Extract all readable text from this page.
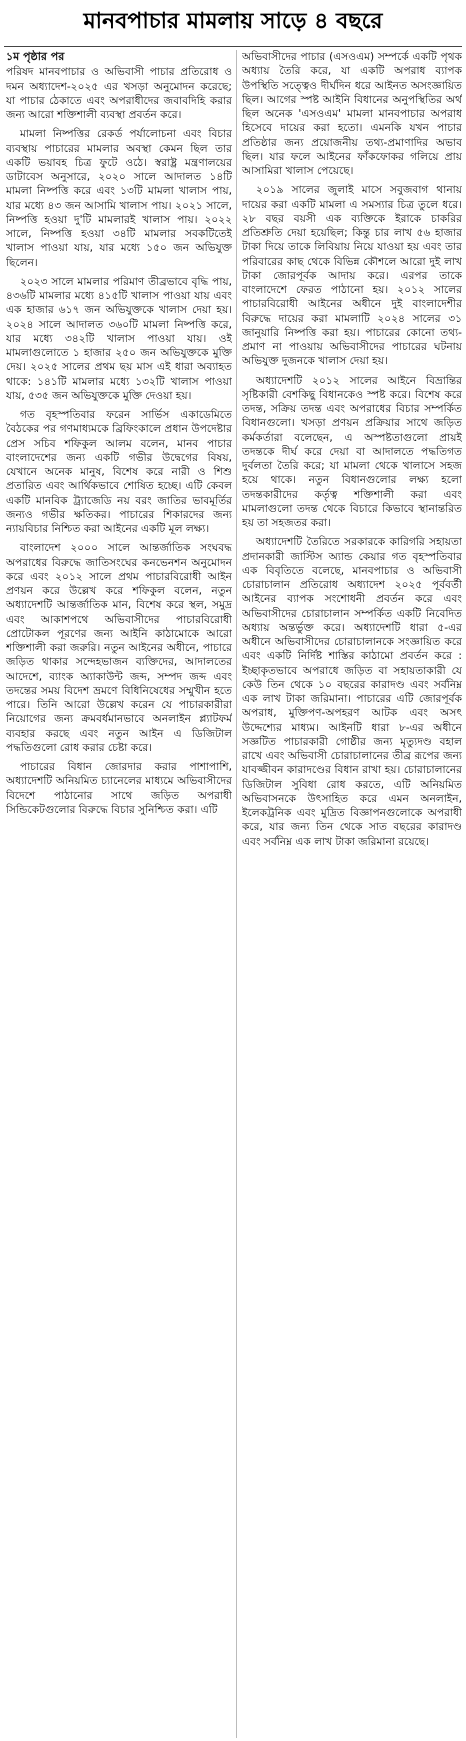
মানবপাচার মামলায় সাড়ে ৪ বছরে
১ম পৃষ্ঠার পর

পরিষদ মানবপাচার ও অভিবাসী পাচার প্রতিরোধ ও দমন অধ্যাদেশ-২০২৫ এর খসড়া অনুমোদন করেছে; যা পাচার ঠেকাতে এবং অপরাধীদের জবাবদিহি করার জন্য আরো শক্তিশালী ব্যবস্থা প্রবর্তন করে।

মামলা নিষ্পত্তির রেকর্ড পর্যালোচনা এবং বিচার ব্যবস্থায় পাচারের মামলার অবস্থা কেমন ছিল তার একটি ভয়াবহ চিত্র ফুটে ওঠে। স্বরাষ্ট্র মন্ত্রণালয়ের ডাটাবেস অনুসারে, ২০২০ সালে আদালত ১৪টি মামলা নিষ্পত্তি করে এবং ১৩টি মামলা খালাস পায়, যার মধ্যে ৪৩ জন আসামি খালাস পায়। ২০২১ সালে, নিষ্পত্তি হওয়া দু'টি মামলারই খালাস পায়। ২০২২ সালে, নিষ্পত্তি হওয়া ৩৪টি মামলার সবকটিতেই খালাস পাওয়া যায়, যার মধ্যে ১৫০ জন অভিযুক্ত ছিলেন।

২০২৩ সালে মামলার পরিমাণ তীব্রভাবে বৃদ্ধি পায়, ৪৩৬টি মামলার মধ্যে ৪১৫টি খালাস পাওয়া যায় এবং এক হাজার ৬১৭ জন অভিযুক্তকে খালাস দেয়া হয়। ২০২৪ সালে আদালত ৩৬০টি মামলা নিষ্পত্তি করে, যার মধ্যে ৩৪২টি খালাস পাওয়া যায়। ওই মামলাগুলোতে ১ হাজার ২৫০ জন অভিযুক্তকে মুক্তি দেয়। ২০২৫ সালের প্রথম ছয় মাস এই ধারা অব্যাহত থাকে: ১৪১টি মামলার মধ্যে ১৩২টি খালাস পাওয়া যায়, ৫৩৫ জন অভিযুক্তকে মুক্তি দেওয়া হয়।

গত বৃহস্পতিবার ফরেন সার্ভিস একাডেমিতে বৈঠকের পর গণমাধ্যমকে ব্রিফিংকালে প্রধান উপদেষ্টার প্রেস সচিব শফিকুল আলম বলেন, মানব পাচার বাংলাদেশের জন্য একটি গভীর উদ্বেগের বিষয়, যেখানে অনেক মানুষ, বিশেষ করে নারী ও শিশু প্রতারিত এবং আর্থিকভাবে শোষিত হচ্ছে। এটি কেবল একটি মানবিক ট্র্যাজেডি নয় বরং জাতির ভাবমূর্তির জন্যও গভীর ক্ষতিকর। পাচারের শিকারদের জন্য ন্যায়বিচার নিশ্চিত করা আইনের একটি মূল লক্ষ্য।

বাংলাদেশ ২০০০ সালে আন্তর্জাতিক সংঘবদ্ধ অপরাধের বিরুদ্ধে জাতিসংঘের কনভেনশন অনুমোদন করে এবং ২০১২ সালে প্রথম পাচারবিরোধী আইন প্রণয়ন করে উল্লেখ করে শফিকুল বলেন, নতুন অধ্যাদেশটি আন্তর্জাতিক মান, বিশেষ করে স্থল, সমুদ্র এবং আকাশপথে অভিবাসীদের পাচারবিরোধী প্রোটোকল পূরণের জন্য আইনি কাঠামোকে আরো শক্তিশালী করা জরুরি। নতুন আইনের অধীনে, পাচারে জড়িত থাকার সন্দেহভাজন ব্যক্তিদের, আদালতের আদেশে, ব্যাংক অ্যাকাউন্ট জব্দ, সম্পদ জব্দ এবং তদন্তের সময় বিদেশ ভ্রমণে বিধিনিষেধের সম্মুখীন হতে পারে। তিনি আরো উল্লেখ করেন যে পাচারকারীরা নিয়োগের জন্য ক্রমবর্ধমানভাবে অনলাইন প্ল্যাটফর্ম ব্যবহার করছে এবং নতুন আইন এ ডিজিটাল পদ্ধতিগুলো রোধ করার চেষ্টা করে।

পাচারের বিধান জোরদার করার পাশাপাশি, অধ্যাদেশটি অনিয়মিত চ্যানেলের মাধ্যমে অভিবাসীদের বিদেশে পাঠানোর সাথে জড়িত অপরাধী সিন্ডিকেটগুলোর বিরুদ্ধে বিচার সুনিশ্চিত করা। এটি

অভিবাসীদের পাচার (এসওএম) সম্পর্কে একটি পৃথক অধ্যায় তৈরি করে, যা একটি অপরাধ ব্যাপক উপস্থিতি সত্ত্বেও দীর্ঘদিন ধরে আইনত অসংজ্ঞায়িত ছিল। আগের স্পষ্ট আইনি বিধানের অনুপস্থিতির অর্থ ছিল অনেক 'এসওএম' মামলা মানবপাচার অপরাধ হিসেবে দায়ের করা হতো। এমনকি যখন পাচার প্রতিষ্ঠার জন্য প্রয়োজনীয় তথ্য-প্রমাণাদির অভাব ছিল। যার ফলে আইনের ফাঁকফোকর গলিয়ে প্রায় আসামিরা খালাস পেয়েছে।

২০১৯ সালের জুলাই মাসে সবুজবাগ থানায় দায়ের করা একটি মামলা এ সমস্যার চিত্র তুলে ধরে। ২৮ বছর বয়সী এক ব্যক্তিকে ইরাকে চাকরির প্রতিশ্রুতি দেয়া হয়েছিল; কিন্তু চার লাখ ৫৬ হাজার টাকা দিয়ে তাকে লিবিয়ায় নিয়ে যাওয়া হয় এবং তার পরিবারের কাছ থেকে বিভিন্ন কৌশলে আরো দুই লাখ টাকা জোরপূর্বক আদায় করে। এরপর তাকে বাংলাদেশে ফেরত পাঠানো হয়। ২০১২ সালের পাচারবিরোধী আইনের অধীনে দুই বাংলাদেশীর বিরুদ্ধে দায়ের করা মামলাটি ২০২৪ সালের ৩১ জানুয়ারি নিষ্পত্তি করা হয়। পাচারের কোনো তথ্য-প্রমাণ না পাওয়ায় অভিবাসীদের পাচারের ঘটনায় অভিযুক্ত দুজনকে খালাস দেয়া হয়।

অধ্যাদেশটি ২০১২ সালের আইনে বিভ্রান্তির সৃষ্টিকারী বেশকিছু বিধানকেও স্পষ্ট করে। বিশেষ করে তদন্ত, সক্রিয় তদন্ত এবং অপরাধের বিচার সম্পর্কিত বিধানগুলো। খসড়া প্রণয়ন প্রক্রিয়ার সাথে জড়িত কর্মকর্তারা বলেছেন, এ অস্পষ্টতাগুলো প্রায়ই তদন্তকে দীর্ঘ করে দেয়া বা আদালতে পদ্ধতিগত দুর্বলতা তৈরি করে; যা মামলা থেকে খালাসে সহজ হয়ে থাকে। নতুন বিধানগুলোর লক্ষ্য হলো তদন্তকারীদের কর্তৃত্ব শক্তিশালী করা এবং মামলাগুলো তদন্ত থেকে বিচারে কিভাবে স্থানান্তরিত হয় তা সহজতর করা।

অধ্যাদেশটি তৈরিতে সরকারকে কারিগরি সহায়তা প্রদানকারী জাস্টিস অ্যান্ড কেয়ার গত বৃহস্পতিবার এক বিবৃতিতে বলেছে, মানবপাচার ও অভিবাসী চোরাচালান প্রতিরোধ অধ্যাদেশ ২০২৫ পূর্ববর্তী আইনের ব্যাপক সংশোধনী প্রবর্তন করে এবং অভিবাসীদের চোরাচালান সম্পর্কিত একটি নিবেদিত অধ্যায় অন্তর্ভুক্ত করে। অধ্যাদেশটি ধারা ৫-এর অধীনে অভিবাসীদের চোরাচালানকে সংজ্ঞায়িত করে এবং একটি নির্দিষ্ট শাস্তির কাঠামো প্রবর্তন করে : ইচ্ছাকৃতভাবে অপরাধে জড়িত বা সহায়তাকারী যে কেউ তিন থেকে ১০ বছরের কারাদণ্ড এবং সর্বনিম্ন এক লাখ টাকা জরিমানা। পাচারের এটি জোরপূর্বক অপরাধ, মুক্তিপণ-অপহরণ আটক এবং অসৎ উদ্দেশ্যের মাধ্যম। আইনটি ধারা ৮-এর অধীনে সজ্ঞটিত পাচারকারী গোষ্ঠীর জন্য মৃত্যুদণ্ড বহাল রাখে এবং অভিবাসী চোরাচালানের তীব্র রূপের জন্য যাবজ্জীবন কারাদণ্ডের বিধান রাখা হয়। চোরাচালানের ডিজিটাল সুবিধা রোধ করতে, এটি অনিয়মিত অভিবাসনকে উৎসাহিত করে এমন অনলাইন, ইলেকট্রনিক এবং মুদ্রিত বিজ্ঞাপনগুলোকে অপরাধী করে, যার জন্য তিন থেকে সাত বছরের কারাদণ্ড এবং সর্বনিম্ন এক লাখ টাকা জরিমানা রয়েছে।
